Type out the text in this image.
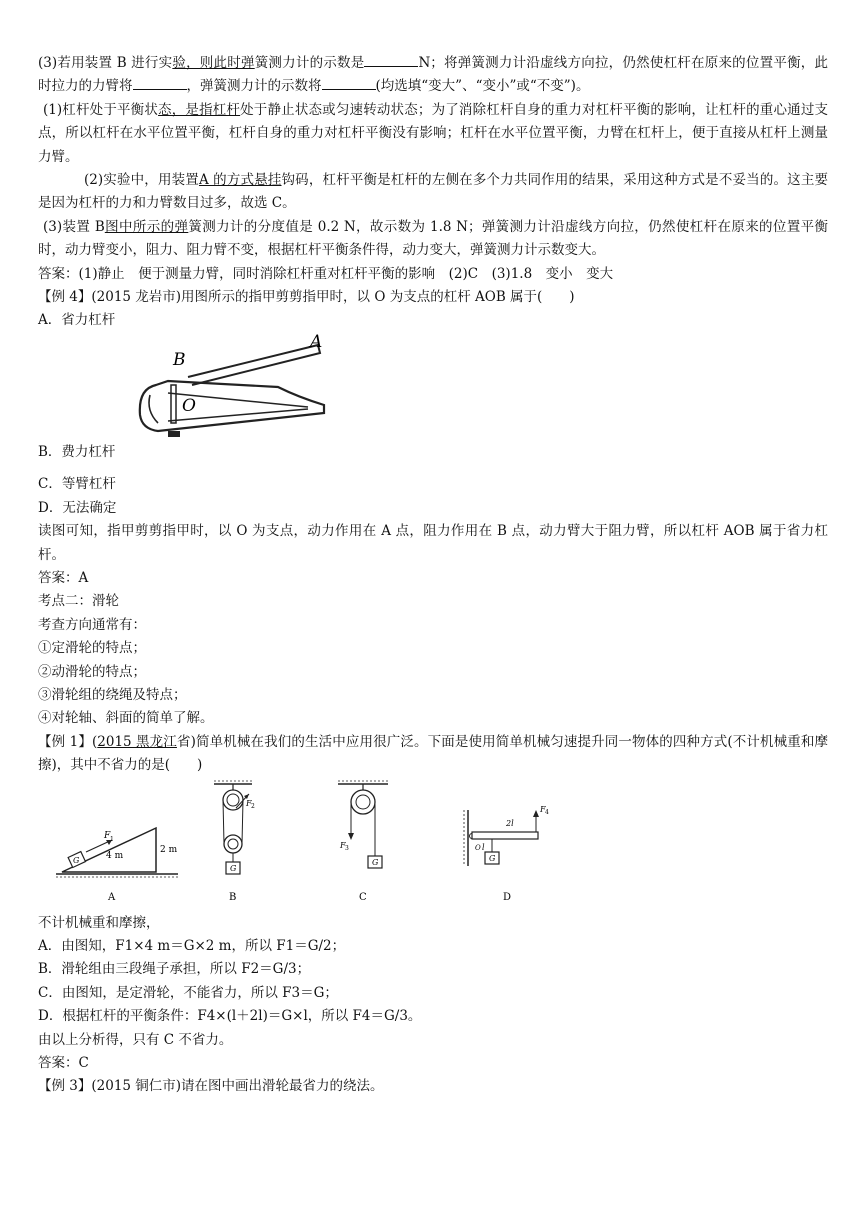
(3)若用装置 B 进行实验，则此时弹簧测力计的示数是	N；将弹簧测力计沿虚线方向拉，仍然使杠杆在原来的位置平衡，此时拉力的力臂将	，弹簧测力计的示数将	(均选填“变大”、“变小”或“不变”)。

(1)杠杆处于平衡状态，是指杠杆处于静止状态或匀速转动状态；为了消除杠杆自身的重力对杠杆平衡的影响，让杠杆的重心通过支点，所以杠杆在水平位置平衡，杠杆自身的重力对杠杆平衡没有影响；杠杆在水平位置平衡，力臂在杠杆上，便于直接从杠杆上测量力臂。

(2)实验中，用装置A 的方式悬挂钩码，杠杆平衡是杠杆的左侧在多个力共同作用的结果，采用这种方式是不妥当的。这主要是因为杠杆的力和力臂数目过多，故选 C。

(3)装置 B图中所示的弹簧测力计的分度值是 0.2 N，故示数为 1.8 N；弹簧测力计沿虚线方向拉，仍然使杠杆在原来的位置平衡时，动力臂变小，阻力、阻力臂不变，根据杠杆平衡条件得，动力变大，弹簧测力计示数变大。

答案：(1)静止　便于测量力臂，同时消除杠杆重对杠杆平衡的影响　(2)C　(3)1.8　变小　变大

【例 4】(2015 龙岩市)用图所示的指甲剪剪指甲时，以 O 为支点的杠杆 AOB 属于(　　)

A．省力杠杆

B
A
O

B．费力杠杆

C．等臂杠杆

D．无法确定

读图可知，指甲剪剪指甲时，以 O 为支点，动力作用在 A 点，阻力作用在 B 点，动力臂大于阻力臂，所以杠杆 AOB 属于省力杠杆。

答案：A

考点二：滑轮

考查方向通常有：

①定滑轮的特点；

②动滑轮的特点；

③滑轮组的绕绳及特点；

④对轮轴、斜面的简单了解。

【例 1】(2015 黑龙江省)简单机械在我们的生活中应用很广泛。下面是使用简单机械匀速提升同一物体的四种方式(不计机械重和摩擦)，其中不省力的是(　　)

G
F 1
4 m
2 m
A
F 2
G
B
F 3
G
C
G
F 4
2l
O l
D

不计机械重和摩擦，

A．由图知，F1×4 m＝G×2 m，所以 F1＝G/2；

B．滑轮组由三段绳子承担，所以 F2＝G/3；

C．由图知，是定滑轮，不能省力，所以 F3＝G；

D．根据杠杆的平衡条件：F4×(l＋2l)＝G×l，所以 F4＝G/3。

由以上分析得，只有 C 不省力。

答案：C

【例 3】(2015 铜仁市)请在图中画出滑轮最省力的绕法。
